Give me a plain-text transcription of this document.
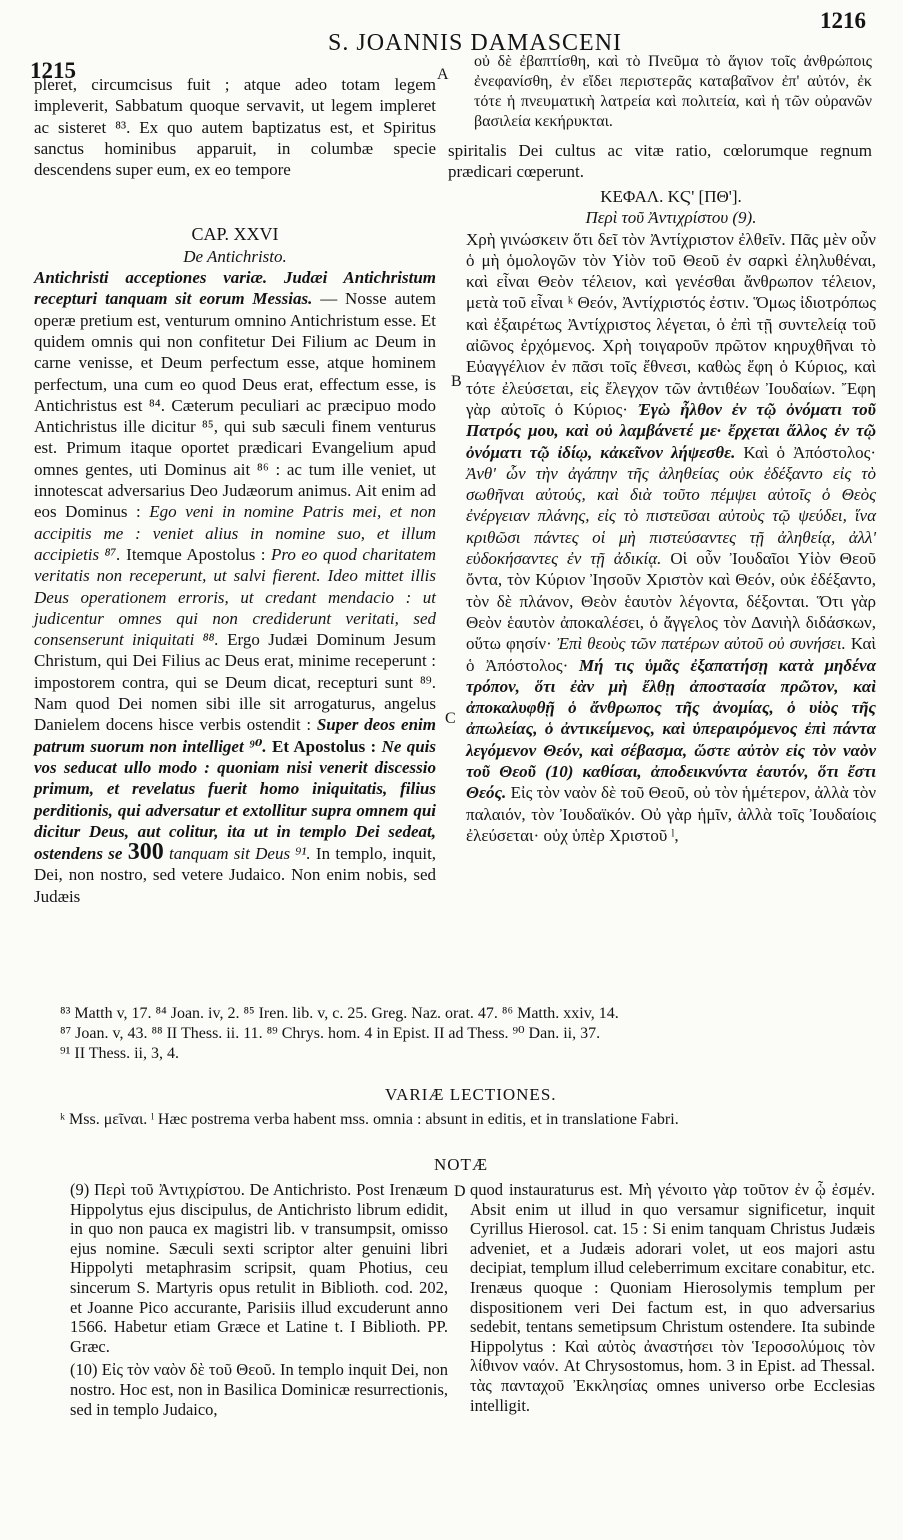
1215
S. JOANNIS DAMASCENI
1216
A
B
C
D

pleret, circumcisus fuit ; atque adeo totam legem impleverit, Sabbatum quoque servavit, ut legem impleret ac sisteret ⁸³. Ex quo autem baptizatus est, et Spiritus sanctus hominibus apparuit, in columbæ specie descendens super eum, ex eo tempore

CAP. XXVI
De Antichristo.

Antichristi acceptiones variæ. Judæi Antichristum recepturi tanquam sit eorum Messias. — Nosse autem operæ pretium est, venturum omnino Antichristum esse. Et quidem omnis qui non confitetur Dei Filium ac Deum in carne venisse, et Deum perfectum esse, atque hominem perfectum, una cum eo quod Deus erat, effectum esse, is Antichristus est ⁸⁴. Cæterum peculiari ac præcipuo modo Antichristus ille dicitur ⁸⁵, qui sub sæculi finem venturus est. Primum itaque oportet prædicari Evangelium apud omnes gentes, uti Dominus ait ⁸⁶ : ac tum ille veniet, ut innotescat adversarius Deo Judæorum animus. Ait enim ad eos Dominus : Ego veni in nomine Patris mei, et non accipitis me : veniet alius in nomine suo, et illum accipietis ⁸⁷. Itemque Apostolus : Pro eo quod charitatem veritatis non receperunt, ut salvi fierent. Ideo mittet illis Deus operationem erroris, ut credant mendacio : ut judicentur omnes qui non crediderunt veritati, sed consenserunt iniquitati ⁸⁸. Ergo Judæi Dominum Jesum Christum, qui Dei Filius ac Deus erat, minime receperunt : impostorem contra, qui se Deum dicat, recepturi sunt ⁸⁹. Nam quod Dei nomen sibi ille sit arrogaturus, angelus Danielem docens hisce verbis ostendit : Super deos enim patrum suorum non intelliget ⁹⁰. Et Apostolus : Ne quis vos seducat ullo modo : quoniam nisi venerit discessio primum, et revelatus fuerit homo iniquitatis, filius perditionis, qui adversatur et extollitur supra omnem qui dicitur Deus, aut colitur, ita ut in templo Dei sedeat, ostendens se 300 tanquam sit Deus ⁹¹. In templo, inquit, Dei, non nostro, sed vetere Judaico. Non enim nobis, sed Judæis

οὐ δὲ ἐβαπτίσθη, καὶ τὸ Πνεῦμα τὸ ἅγιον τοῖς ἀνθρώποις ἐνεφανίσθη, ἐν εἴδει περιστερᾶς καταβαῖνον ἐπ' αὐτόν, ἐκ τότε ἡ πνευματικὴ λατρεία καὶ πολιτεία, καὶ ἡ τῶν οὐρανῶν βασιλεία κεκήρυκται.
spiritalis Dei cultus ac vitæ ratio, cœlorumque regnum prædicari cœperunt.
ΚΕΦΑΛ. ΚϚ' [ΠΘ'].
Περὶ τοῦ Ἀντιχρίστου (9).

Χρὴ γινώσκειν ὅτι δεῖ τὸν Ἀντίχριστον ἐλθεῖν. Πᾶς μὲν οὖν ὁ μὴ ὁμολογῶν τὸν Υἱὸν τοῦ Θεοῦ ἐν σαρκὶ ἐληλυθέναι, καὶ εἶναι Θεὸν τέλειον, καὶ γενέσθαι ἄνθρωπον τέλειον, μετὰ τοῦ εἶναι ᵏ Θεόν, Ἀντίχριστός ἐστιν. Ὅμως ἰδιοτρόπως καὶ ἐξαιρέτως Ἀντίχριστος λέγεται, ὁ ἐπὶ τῇ συντελείᾳ τοῦ αἰῶνος ἐρχόμενος. Χρὴ τοιγαροῦν πρῶτον κηρυχθῆναι τὸ Εὐαγγέλιον ἐν πᾶσι τοῖς ἔθνεσι, καθὼς ἔφη ὁ Κύριος, καὶ τότε ἐλεύσεται, εἰς ἔλεγχον τῶν ἀντιθέων Ἰουδαίων. Ἔφη γὰρ αὐτοῖς ὁ Κύριος· Ἐγὼ ἦλθον ἐν τῷ ὀνόματι τοῦ Πατρός μου, καὶ οὐ λαμβάνετέ με· ἔρχεται ἄλλος ἐν τῷ ὀνόματι τῷ ἰδίῳ, κἀκεῖνον λήψεσθε. Καὶ ὁ Ἀπόστολος· Ἀνθ' ὧν τὴν ἀγάπην τῆς ἀληθείας οὐκ ἐδέξαντο εἰς τὸ σωθῆναι αὐτούς, καὶ διὰ τοῦτο πέμψει αὐτοῖς ὁ Θεὸς ἐνέργειαν πλάνης, εἰς τὸ πιστεῦσαι αὐτοὺς τῷ ψεύδει, ἵνα κριθῶσι πάντες οἱ μὴ πιστεύσαντες τῇ ἀληθείᾳ, ἀλλ' εὐδοκήσαντες ἐν τῇ ἀδικίᾳ. Οἱ οὖν Ἰουδαῖοι Υἱὸν Θεοῦ ὄντα, τὸν Κύριον Ἰησοῦν Χριστὸν καὶ Θεόν, οὐκ ἐδέξαντο, τὸν δὲ πλάνον, Θεὸν ἑαυτὸν λέγοντα, δέξονται. Ὅτι γὰρ Θεὸν ἑαυτὸν ἀποκαλέσει, ὁ ἄγγελος τὸν Δανιὴλ διδάσκων, οὕτω φησίν· Ἐπὶ θεοὺς τῶν πατέρων αὐτοῦ οὐ συνήσει. Καὶ ὁ Ἀπόστολος· Μή τις ὑμᾶς ἐξαπατήσῃ κατὰ μηδένα τρόπον, ὅτι ἐὰν μὴ ἔλθῃ ἀποστασία πρῶτον, καὶ ἀποκαλυφθῇ ὁ ἄνθρωπος τῆς ἀνομίας, ὁ υἱὸς τῆς ἀπωλείας, ὁ ἀντικείμενος, καὶ ὑπεραιρόμενος ἐπὶ πάντα λεγόμενον Θεόν, καὶ σέβασμα, ὥστε αὐτὸν εἰς τὸν ναὸν τοῦ Θεοῦ (10) καθίσαι, ἀποδεικνύντα ἑαυτόν, ὅτι ἔστι Θεός. Εἰς τὸν ναὸν δὲ τοῦ Θεοῦ, οὐ τὸν ἡμέτερον, ἀλλὰ τὸν παλαιόν, τὸν Ἰουδαϊκόν. Οὐ γὰρ ἡμῖν, ἀλλὰ τοῖς Ἰουδαίοις ἐλεύσεται· οὐχ ὑπὲρ Χριστοῦ ˡ,

⁸³ Matth v, 17. ⁸⁴ Joan. iv, 2. ⁸⁵ Iren. lib. v, c. 25. Greg. Naz. orat. 47. ⁸⁶ Matth. xxiv, 14.
⁸⁷ Joan. v, 43. ⁸⁸ II Thess. ii. 11. ⁸⁹ Chrys. hom. 4 in Epist. II ad Thess. ⁹⁰ Dan. ii, 37.
⁹¹ II Thess. ii, 3, 4.
VARIÆ LECTIONES.
ᵏ Mss. μεῖναι. ˡ Hæc postrema verba habent mss. omnia : absunt in editis, et in translatione Fabri.
NOTÆ

(9) Περὶ τοῦ Ἀντιχρίστου. De Antichristo. Post Irenæum Hippolytus ejus discipulus, de Antichristo librum edidit, in quo non pauca ex magistri lib. v transumpsit, omisso ejus nomine. Sæculi sexti scriptor alter genuini libri Hippolyti metaphrasim scripsit, quam Photius, ceu sincerum S. Martyris opus retulit in Biblioth. cod. 202, et Joanne Pico accurante, Parisiis illud excuderunt anno 1566. Habetur etiam Græce et Latine t. I Biblioth. PP. Græc.

(10) Εἰς τὸν ναὸν δὲ τοῦ Θεοῦ. In templo inquit Dei, non nostro. Hoc est, non in Basilica Dominicæ resurrectionis, sed in templo Judaico,

quod instauraturus est. Μὴ γένοιτο γὰρ τοῦτον ἐν ᾧ ἐσμέν. Absit enim ut illud in quo versamur significetur, inquit Cyrillus Hierosol. cat. 15 : Si enim tanquam Christus Judæis adveniet, et a Judæis adorari volet, ut eos majori astu decipiat, templum illud celeberrimum excitare conabitur, etc. Irenæus quoque : Quoniam Hierosolymis templum per dispositionem veri Dei factum est, in quo adversarius sedebit, tentans semetipsum Christum ostendere. Ita subinde Hippolytus : Καὶ αὐτὸς ἀναστήσει τὸν Ἱεροσολύμοις τὸν λίθινον ναόν. At Chrysostomus, hom. 3 in Epist. ad Thessal. τὰς πανταχοῦ Ἐκκλησίας omnes universo orbe Ecclesias intelligit.
